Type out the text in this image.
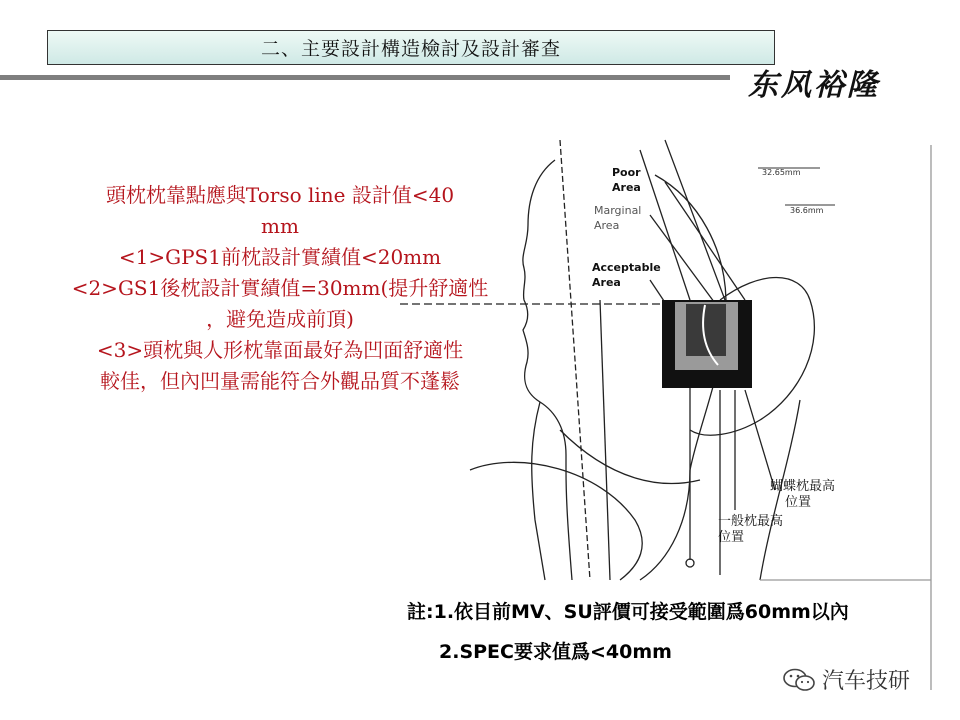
二、主要設計構造檢討及設計審查
东风裕隆
32.65mm
36.6mm
Poor Area
Marginal Area
Acceptable Area
蝴蝶枕最高 位置
一般枕最高 位置
頭枕枕靠點應與Torso line 設計值<40
mm
<1>GPS1前枕設計實績值<20mm
<2>GS1後枕設計實績值=30mm(提升舒適性
，避免造成前頂)
<3>頭枕與人形枕靠面最好為凹面舒適性
較佳，但內凹量需能符合外觀品質不蓬鬆
註:1.依目前MV、SU評價可接受範圍爲60mm以內
2.SPEC要求值爲<40mm
汽车技研
